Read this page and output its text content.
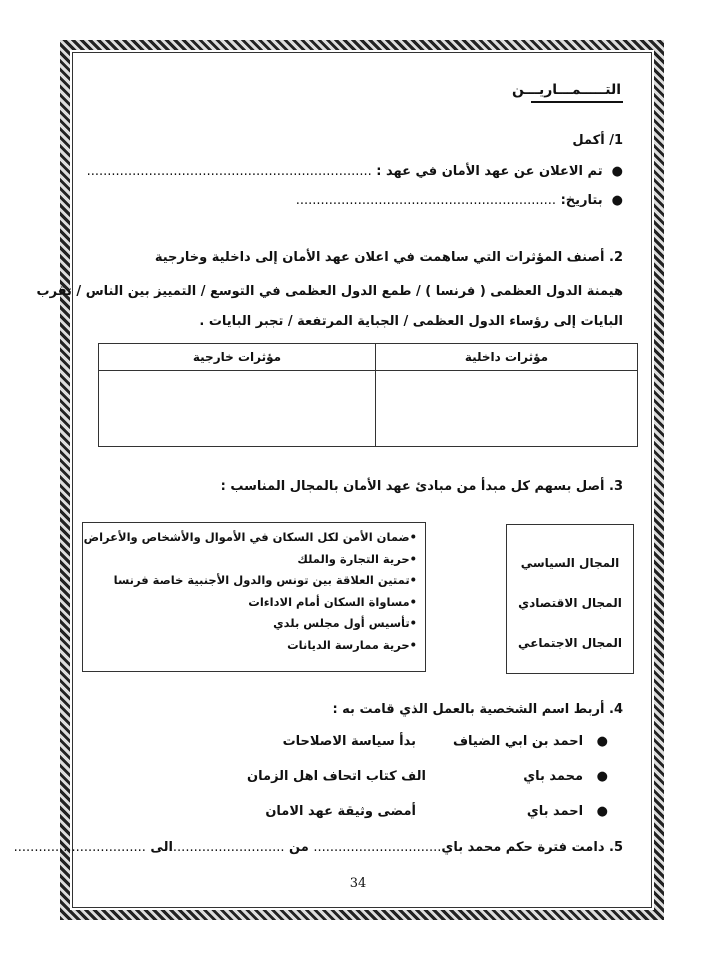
التـــــمـــاريـــن
1/ أكمل
●  تم الاعلان عن عهد الأمان في عهد : .....................................................................
●  بتاريخ: ...............................................................
2. أصنف المؤثرات التي ساهمت في اعلان عهد الأمان إلى داخلية وخارجية
هيمنة الدول العظمى ( فرنسا ) / طمع الدول العظمى في التوسع / التمييز بين الناس / تقرب
البايات إلى رؤساء الدول العظمى / الجباية المرتفعة / تجبر البايات .
مؤثرات داخلية	مؤثرات خارجية

3. أصل بسهم كل مبدأ من مبادئ عهد الأمان بالمجال المناسب :
•ضمان الأمن لكل السكان في الأموال والأشخاص والأعراض
•حرية التجارة والملك
•تمتين العلاقة بين تونس والدول الأجنبية خاصة فرنسا
•مساواة السكان أمام الاداءات
•تأسيس أول مجلس بلدي
•حرية ممارسة الديانات
المجال السياسي
المجال الاقتصادي
المجال الاجتماعي
4. أربط اسم الشخصية بالعمل الذي قامت به :
●   احمد بن ابي الضياف
بدأ سياسة الاصلاحات
●   محمد باي
الف كتاب اتحاف اهل الزمان
●   احمد باي
أمضى وثيقة عهد الامان
5. دامت فترة حكم محمد باي............................... من ...........................الى ................................
34
